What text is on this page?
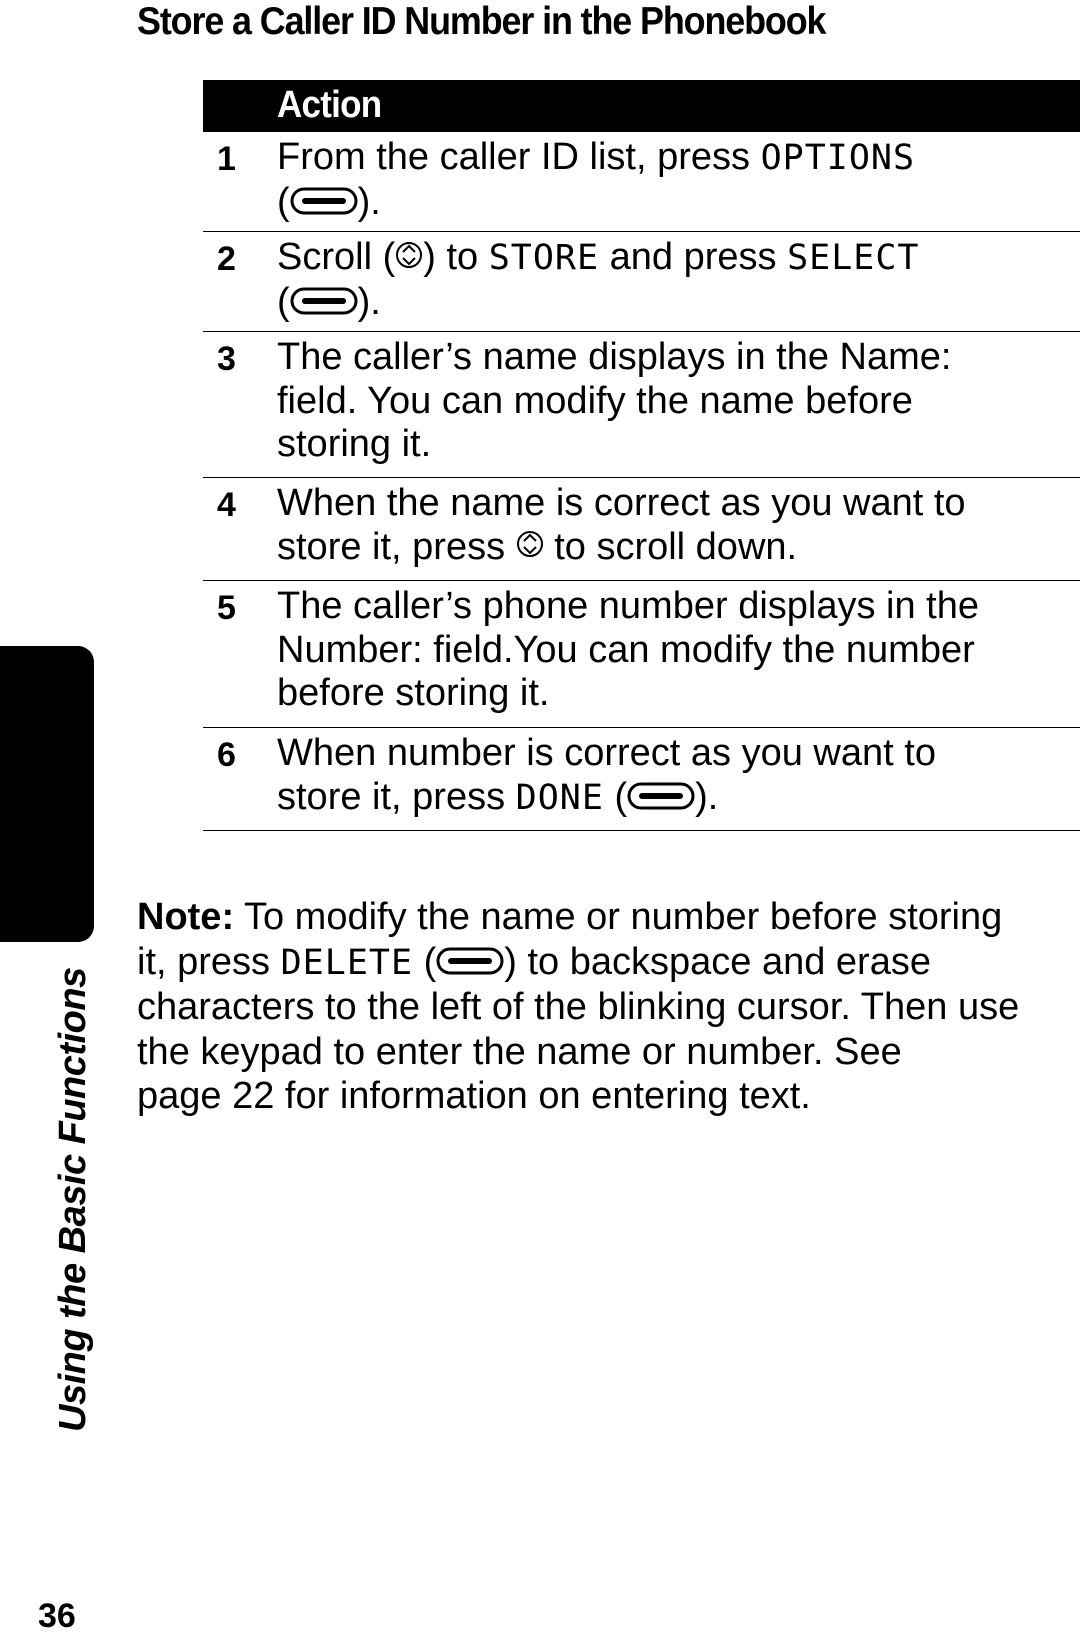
Store a Caller ID Number in the Phonebook
Using the Basic Functions
36
Action
1 From the caller ID list, press OPTIONS
( ).
2 Scroll ( ) to STORE and press SELECT
( ).
3 The caller’s name displays in the Name:
field. You can modify the name before
storing it.
4 When the name is correct as you want to
store it, press  to scroll down.
5 The caller’s phone number displays in the
Number: field.You can modify the number
before storing it.
6 When number is correct as you want to
store it, press DONE ( ).
Note: To modify the name or number before storing
it, press DELETE ( ) to backspace and erase
characters to the left of the blinking cursor. Then use
the keypad to enter the name or number. See
page 22 for information on entering text.
